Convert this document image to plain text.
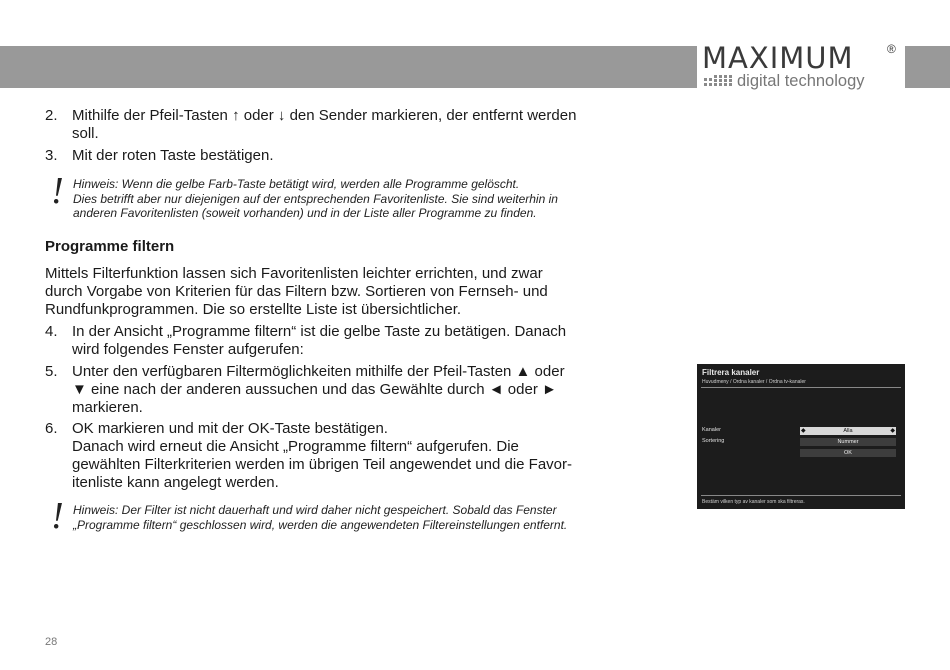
MAXIMUM	®
digital technology
2. Mithilfe der Pfeil-Tasten ↑ oder ↓ den Sender markieren, der entfernt werden
soll.
3. Mit der roten Taste bestätigen.
! Hinweis: Wenn die gelbe Farb-Taste betätigt wird, werden alle Programme gelöscht.
Dies betrifft aber nur diejenigen auf der entsprechenden Favoritenliste. Sie sind weiterhin in
anderen Favoritenlisten (soweit vorhanden) und in der Liste aller Programme zu finden.
Programme filtern
Mittels Filterfunktion lassen sich Favoritenlisten leichter errichten, und zwar
durch Vorgabe von Kriterien für das Filtern bzw. Sortieren von Fernseh- und
Rundfunkprogrammen. Die so erstellte Liste ist übersichtlicher.
4. In der Ansicht „Programme filtern“ ist die gelbe Taste zu betätigen. Danach
wird folgendes Fenster aufgerufen:
5. Unter den verfügbaren Filtermöglichkeiten mithilfe der Pfeil-Tasten ▲ oder
▼ eine nach der anderen aussuchen und das Gewählte durch ◄ oder ►
markieren.
6. OK markieren und mit der OK-Taste bestätigen.
Danach wird erneut die Ansicht „Programme filtern“ aufgerufen. Die
gewählten Filterkriterien werden im übrigen Teil angewendet und die Favor-
itenliste kann angelegt werden.
! Hinweis: Der Filter ist nicht dauerhaft und wird daher nicht gespeichert. Sobald das Fenster
„Programme filtern“ geschlossen wird, werden die angewendeten Filtereinstellungen entfernt.
Filtrera kanaler
Huvudmeny / Ordna kanaler / Ordna tv-kanaler
Kanaler	◆	Alla	◆
Sortering	Nummer
OK
Bestäm vilken typ av kanaler som ska filtreras.
28
